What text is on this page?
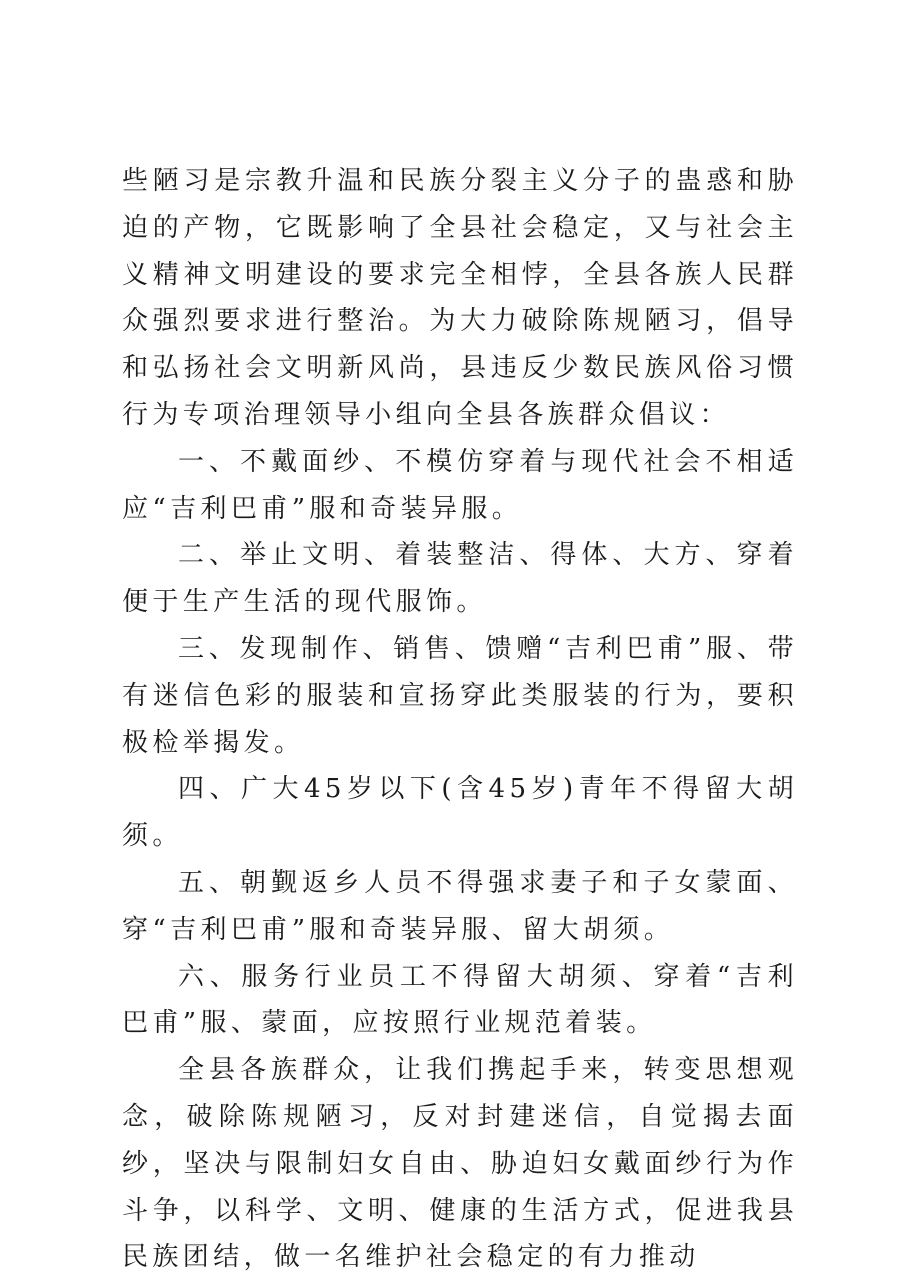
些陋习是宗教升温和民族分裂主义分子的蛊惑和胁迫的产物，它既影响了全县社会稳定，又与社会主义精神文明建设的要求完全相悖，全县各族人民群众强烈要求进行整治。为大力破除陈规陋习，倡导和弘扬社会文明新风尚，县违反少数民族风俗习惯行为专项治理领导小组向全县各族群众倡议：

一、不戴面纱、不模仿穿着与现代社会不相适应“吉利巴甫”服和奇装异服。

二、举止文明、着装整洁、得体、大方、穿着便于生产生活的现代服饰。

三、发现制作、销售、馈赠“吉利巴甫”服、带有迷信色彩的服装和宣扬穿此类服装的行为，要积极检举揭发。

四、广大45岁以下(含45岁)青年不得留大胡须。

五、朝觐返乡人员不得强求妻子和子女蒙面、穿“吉利巴甫”服和奇装异服、留大胡须。

六、服务行业员工不得留大胡须、穿着“吉利巴甫”服、蒙面，应按照行业规范着装。

全县各族群众，让我们携起手来，转变思想观念，破除陈规陋习，反对封建迷信，自觉揭去面纱，坚决与限制妇女自由、胁迫妇女戴面纱行为作斗争，以科学、文明、健康的生活方式，促进我县民族团结，做一名维护社会稳定的有力推动
